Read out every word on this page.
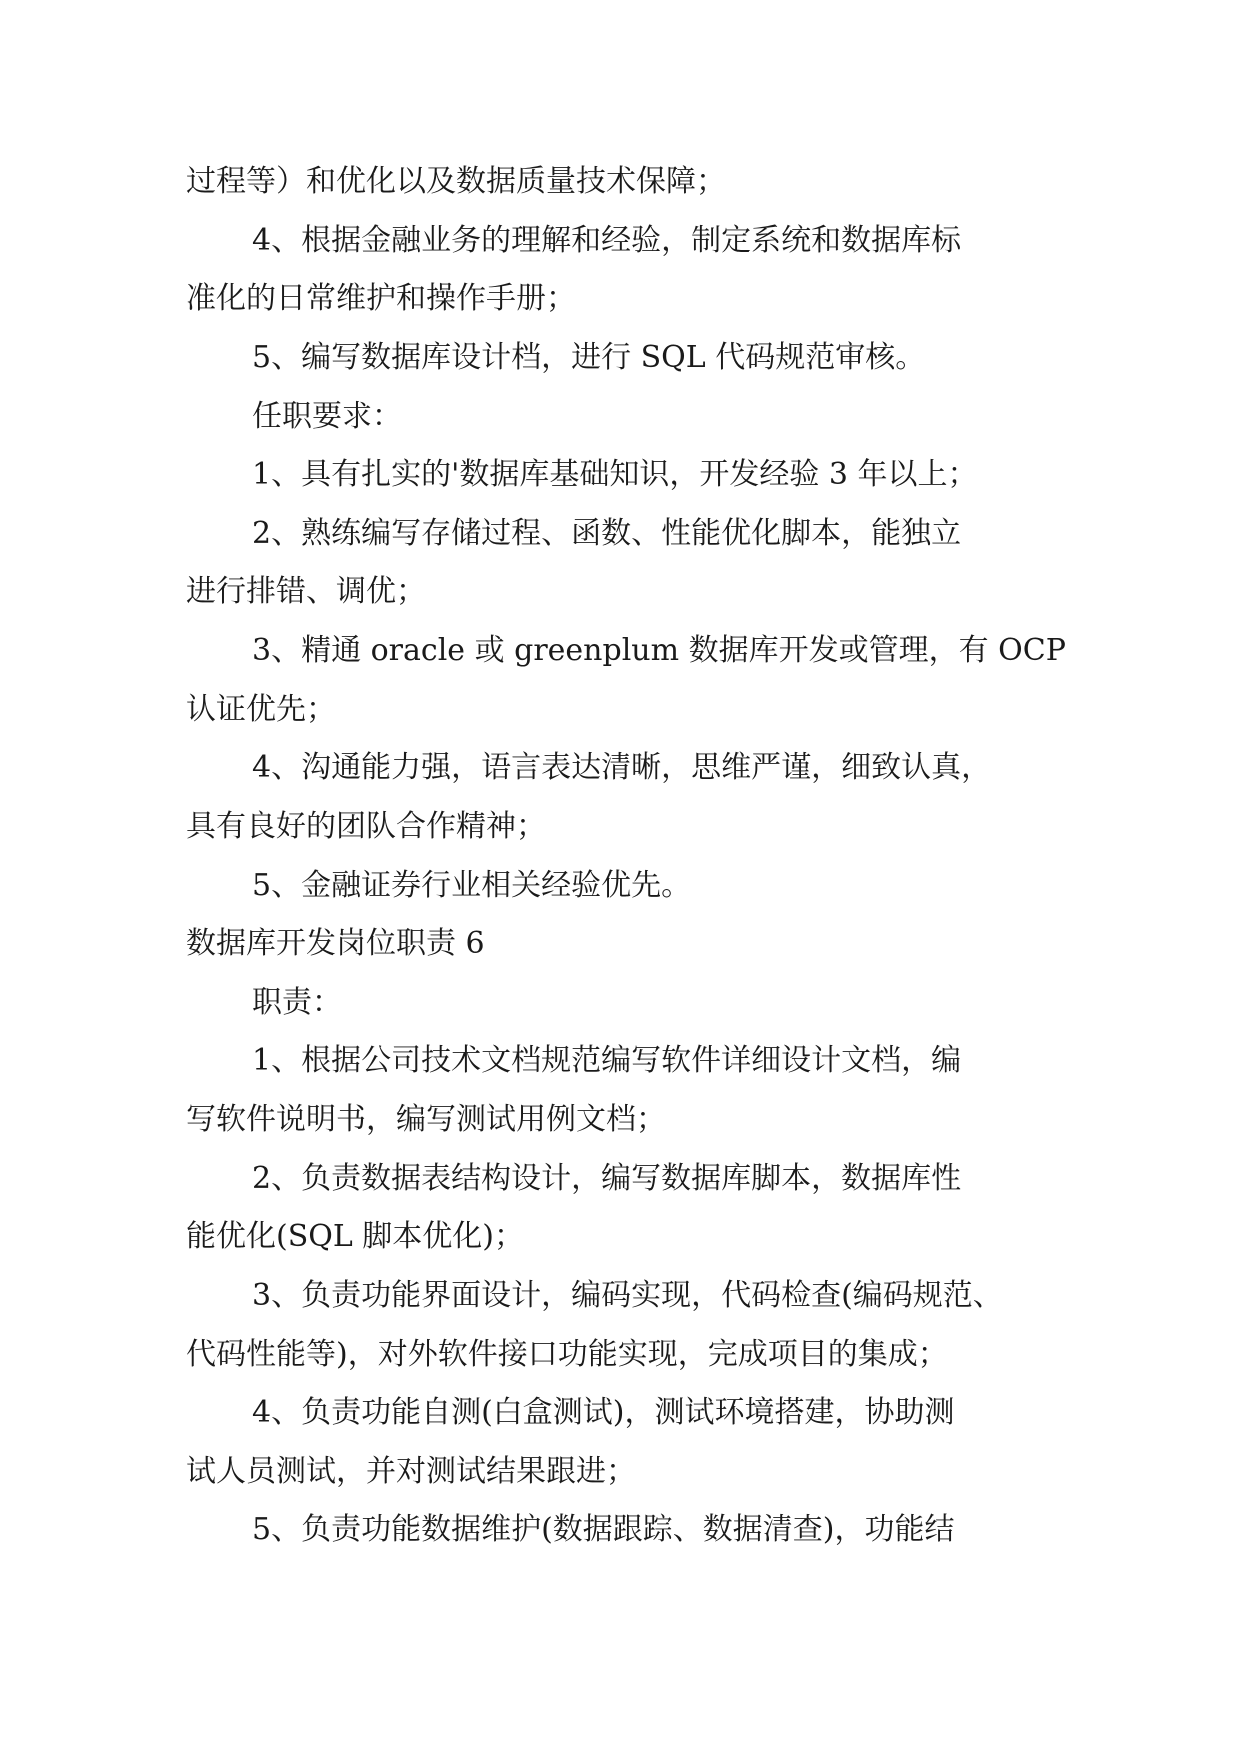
过程等）和优化以及数据质量技术保障；
4、根据金融业务的理解和经验，制定系统和数据库标
准化的日常维护和操作手册；
5、编写数据库设计档，进行 SQL 代码规范审核。
任职要求：
1、具有扎实的'数据库基础知识，开发经验 3 年以上；
2、熟练编写存储过程、函数、性能优化脚本，能独立
进行排错、调优；
3、精通 oracle 或 greenplum 数据库开发或管理，有 OCP
认证优先；
4、沟通能力强，语言表达清晰，思维严谨，细致认真，
具有良好的团队合作精神；
5、金融证券行业相关经验优先。
数据库开发岗位职责 6
职责：
1、根据公司技术文档规范编写软件详细设计文档，编
写软件说明书，编写测试用例文档；
2、负责数据表结构设计，编写数据库脚本，数据库性
能优化(SQL 脚本优化)；
3、负责功能界面设计，编码实现，代码检查(编码规范、
代码性能等)，对外软件接口功能实现，完成项目的集成；
4、负责功能自测(白盒测试)，测试环境搭建，协助测
试人员测试，并对测试结果跟进；
5、负责功能数据维护(数据跟踪、数据清查)，功能结
